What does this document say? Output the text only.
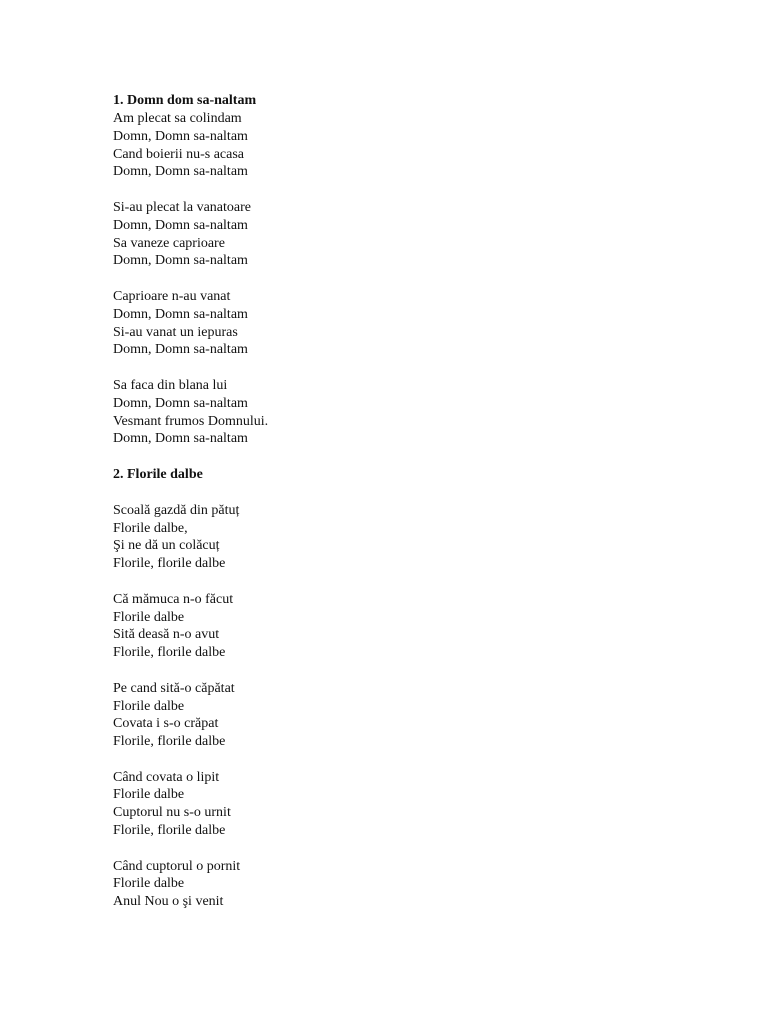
1. Domn dom sa-naltam
Am plecat sa colindam
Domn, Domn sa-naltam
Cand boierii nu-s acasa
Domn, Domn sa-naltam
Si-au plecat la vanatoare
Domn, Domn sa-naltam
Sa vaneze caprioare
Domn, Domn sa-naltam
Caprioare n-au vanat
Domn, Domn sa-naltam
Si-au vanat un iepuras
Domn, Domn sa-naltam
Sa faca din blana lui
Domn, Domn sa-naltam
Vesmant frumos Domnului.
Domn, Domn sa-naltam
2. Florile dalbe
Scoală gazdă din pătuț
Florile dalbe,
Şi ne dă un colăcuț
Florile, florile dalbe
Că mămuca n-o făcut
Florile dalbe
Sită deasă n-o avut
Florile, florile dalbe
Pe cand sită-o căpătat
Florile dalbe
Covata i s-o crăpat
Florile, florile dalbe
Când covata o lipit
Florile dalbe
Cuptorul nu s-o urnit
Florile, florile dalbe
Când cuptorul o pornit
Florile dalbe
Anul Nou o şi venit
